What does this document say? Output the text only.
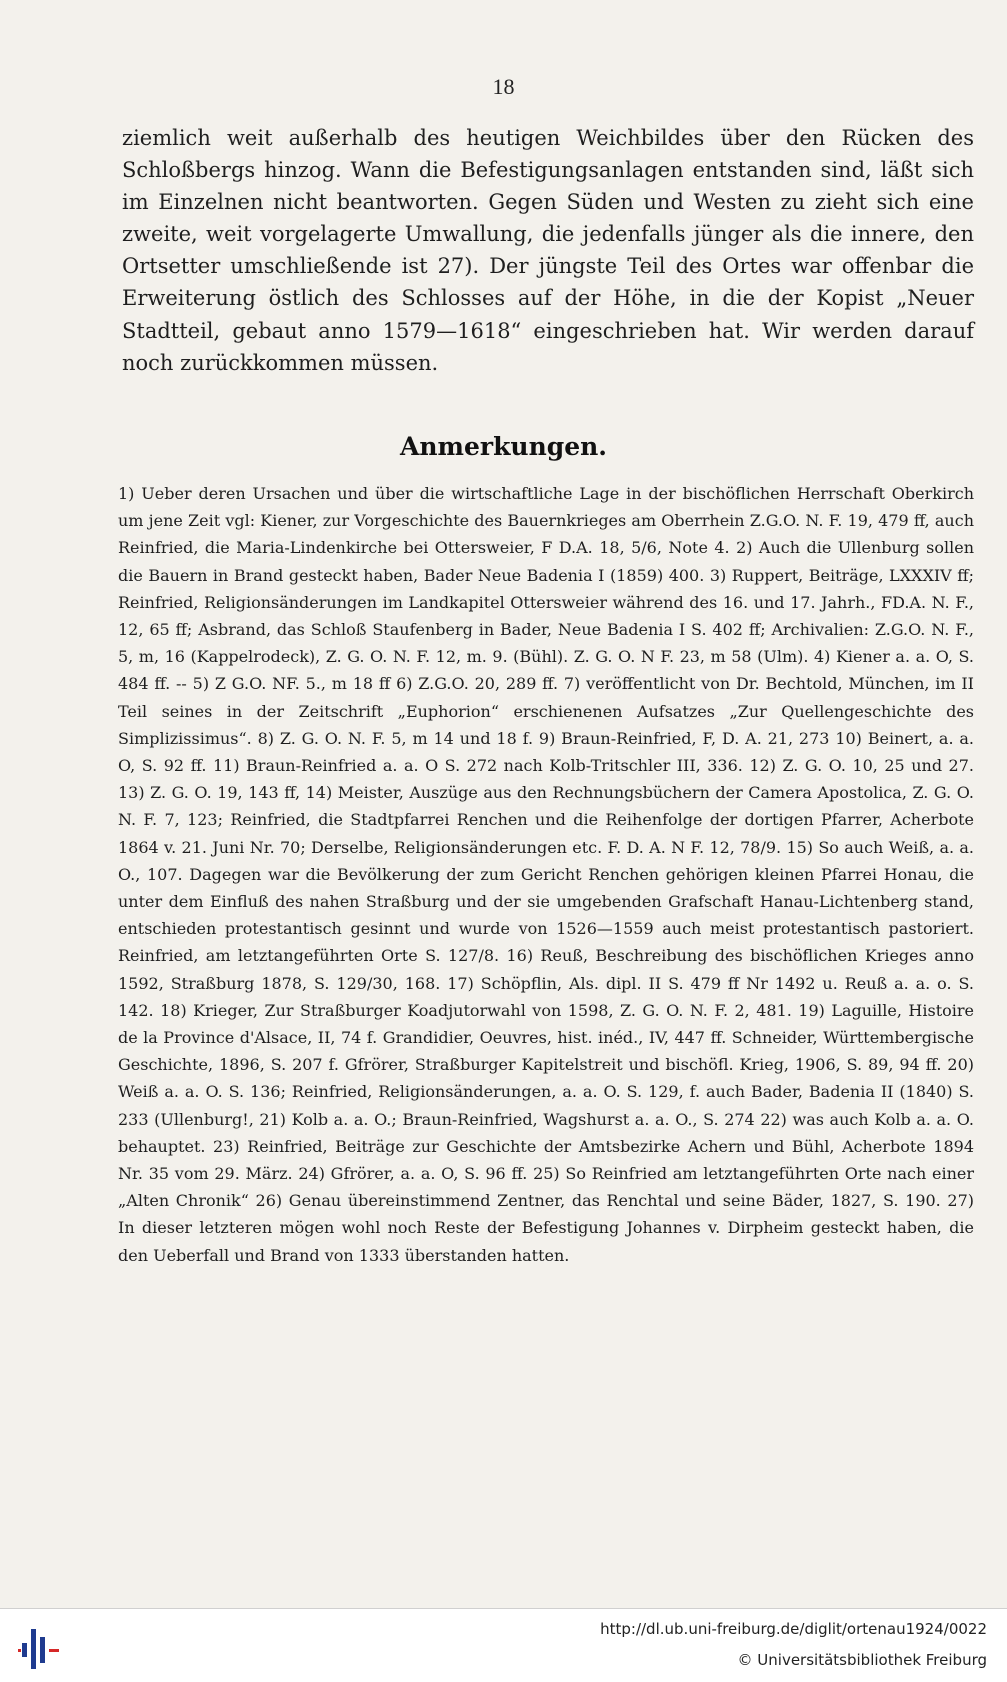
18

ziemlich weit außerhalb des heutigen Weichbildes über den Rücken des Schloßbergs hinzog. Wann die Befestigungsanlagen entstanden sind, läßt sich im Einzelnen nicht beantworten. Gegen Süden und Westen zu zieht sich eine zweite, weit vorgelagerte Umwallung, die jedenfalls jünger als die innere, den Ortsetter umschließende ist 27). Der jüngste Teil des Ortes war offenbar die Erweiterung östlich des Schlosses auf der Höhe, in die der Kopist „Neuer Stadtteil, gebaut anno 1579—1618“ eingeschrieben hat. Wir werden darauf noch zurückkommen müssen.

Anmerkungen.

1) Ueber deren Ursachen und über die wirtschaftliche Lage in der bischöflichen Herrschaft Oberkirch um jene Zeit vgl: Kiener, zur Vorgeschichte des Bauernkrieges am Oberrhein Z.G.O. N. F. 19, 479 ff, auch Reinfried, die Maria-Lindenkirche bei Ottersweier, F D.A. 18, 5/6, Note 4. 2) Auch die Ullenburg sollen die Bauern in Brand gesteckt haben, Bader Neue Badenia I (1859) 400. 3) Ruppert, Beiträge, LXXXIV ff; Reinfried, Religionsänderungen im Landkapitel Ottersweier während des 16. und 17. Jahrh., FD.A. N. F., 12, 65 ff; Asbrand, das Schloß Staufenberg in Bader, Neue Badenia I S. 402 ff; Archivalien: Z.G.O. N. F., 5, m, 16 (Kappelrodeck), Z. G. O. N. F. 12, m. 9. (Bühl). Z. G. O. N F. 23, m 58 (Ulm). 4) Kiener a. a. O, S. 484 ff. -- 5) Z G.O. NF. 5., m 18 ff 6) Z.G.O. 20, 289 ff. 7) veröffentlicht von Dr. Bechtold, München, im II Teil seines in der Zeitschrift „Euphorion“ erschienenen Aufsatzes „Zur Quellengeschichte des Simplizissimus“. 8) Z. G. O. N. F. 5, m 14 und 18 f. 9) Braun-Reinfried, F, D. A. 21, 273 10) Beinert, a. a. O, S. 92 ff. 11) Braun-Reinfried a. a. O S. 272 nach Kolb-Tritschler III, 336. 12) Z. G. O. 10, 25 und 27. 13) Z. G. O. 19, 143 ff, 14) Meister, Auszüge aus den Rechnungsbüchern der Camera Apostolica, Z. G. O. N. F. 7, 123; Reinfried, die Stadtpfarrei Renchen und die Reihenfolge der dortigen Pfarrer, Acherbote 1864 v. 21. Juni Nr. 70; Derselbe, Religionsänderungen etc. F. D. A. N F. 12, 78/9. 15) So auch Weiß, a. a. O., 107. Dagegen war die Bevölkerung der zum Gericht Renchen gehörigen kleinen Pfarrei Honau, die unter dem Einfluß des nahen Straßburg und der sie umgebenden Grafschaft Hanau-Lichtenberg stand, entschieden protestantisch gesinnt und wurde von 1526—1559 auch meist protestantisch pastoriert. Reinfried, am letztangeführten Orte S. 127/8. 16) Reuß, Beschreibung des bischöflichen Krieges anno 1592, Straßburg 1878, S. 129/30, 168. 17) Schöpflin, Als. dipl. II S. 479 ff Nr 1492 u. Reuß a. a. o. S. 142. 18) Krieger, Zur Straßburger Koadjutorwahl von 1598, Z. G. O. N. F. 2, 481. 19) Laguille, Histoire de la Province d'Alsace, II, 74 f. Grandidier, Oeuvres, hist. inéd., IV, 447 ff. Schneider, Württembergische Geschichte, 1896, S. 207 f. Gfrörer, Straßburger Kapitelstreit und bischöfl. Krieg, 1906, S. 89, 94 ff. 20) Weiß a. a. O. S. 136; Reinfried, Religionsänderungen, a. a. O. S. 129, f. auch Bader, Badenia II (1840) S. 233 (Ullenburg!, 21) Kolb a. a. O.; Braun-Reinfried, Wagshurst a. a. O., S. 274 22) was auch Kolb a. a. O. behauptet. 23) Reinfried, Beiträge zur Geschichte der Amtsbezirke Achern und Bühl, Acherbote 1894 Nr. 35 vom 29. März. 24) Gfrörer, a. a. O, S. 96 ff. 25) So Reinfried am letztangeführten Orte nach einer „Alten Chronik“ 26) Genau übereinstimmend Zentner, das Renchtal und seine Bäder, 1827, S. 190. 27) In dieser letzteren mögen wohl noch Reste der Befestigung Johannes v. Dirpheim gesteckt haben, die den Ueberfall und Brand von 1333 überstanden hatten.

http://dl.ub.uni-freiburg.de/diglit/ortenau1924/0022
© Universitätsbibliothek Freiburg
